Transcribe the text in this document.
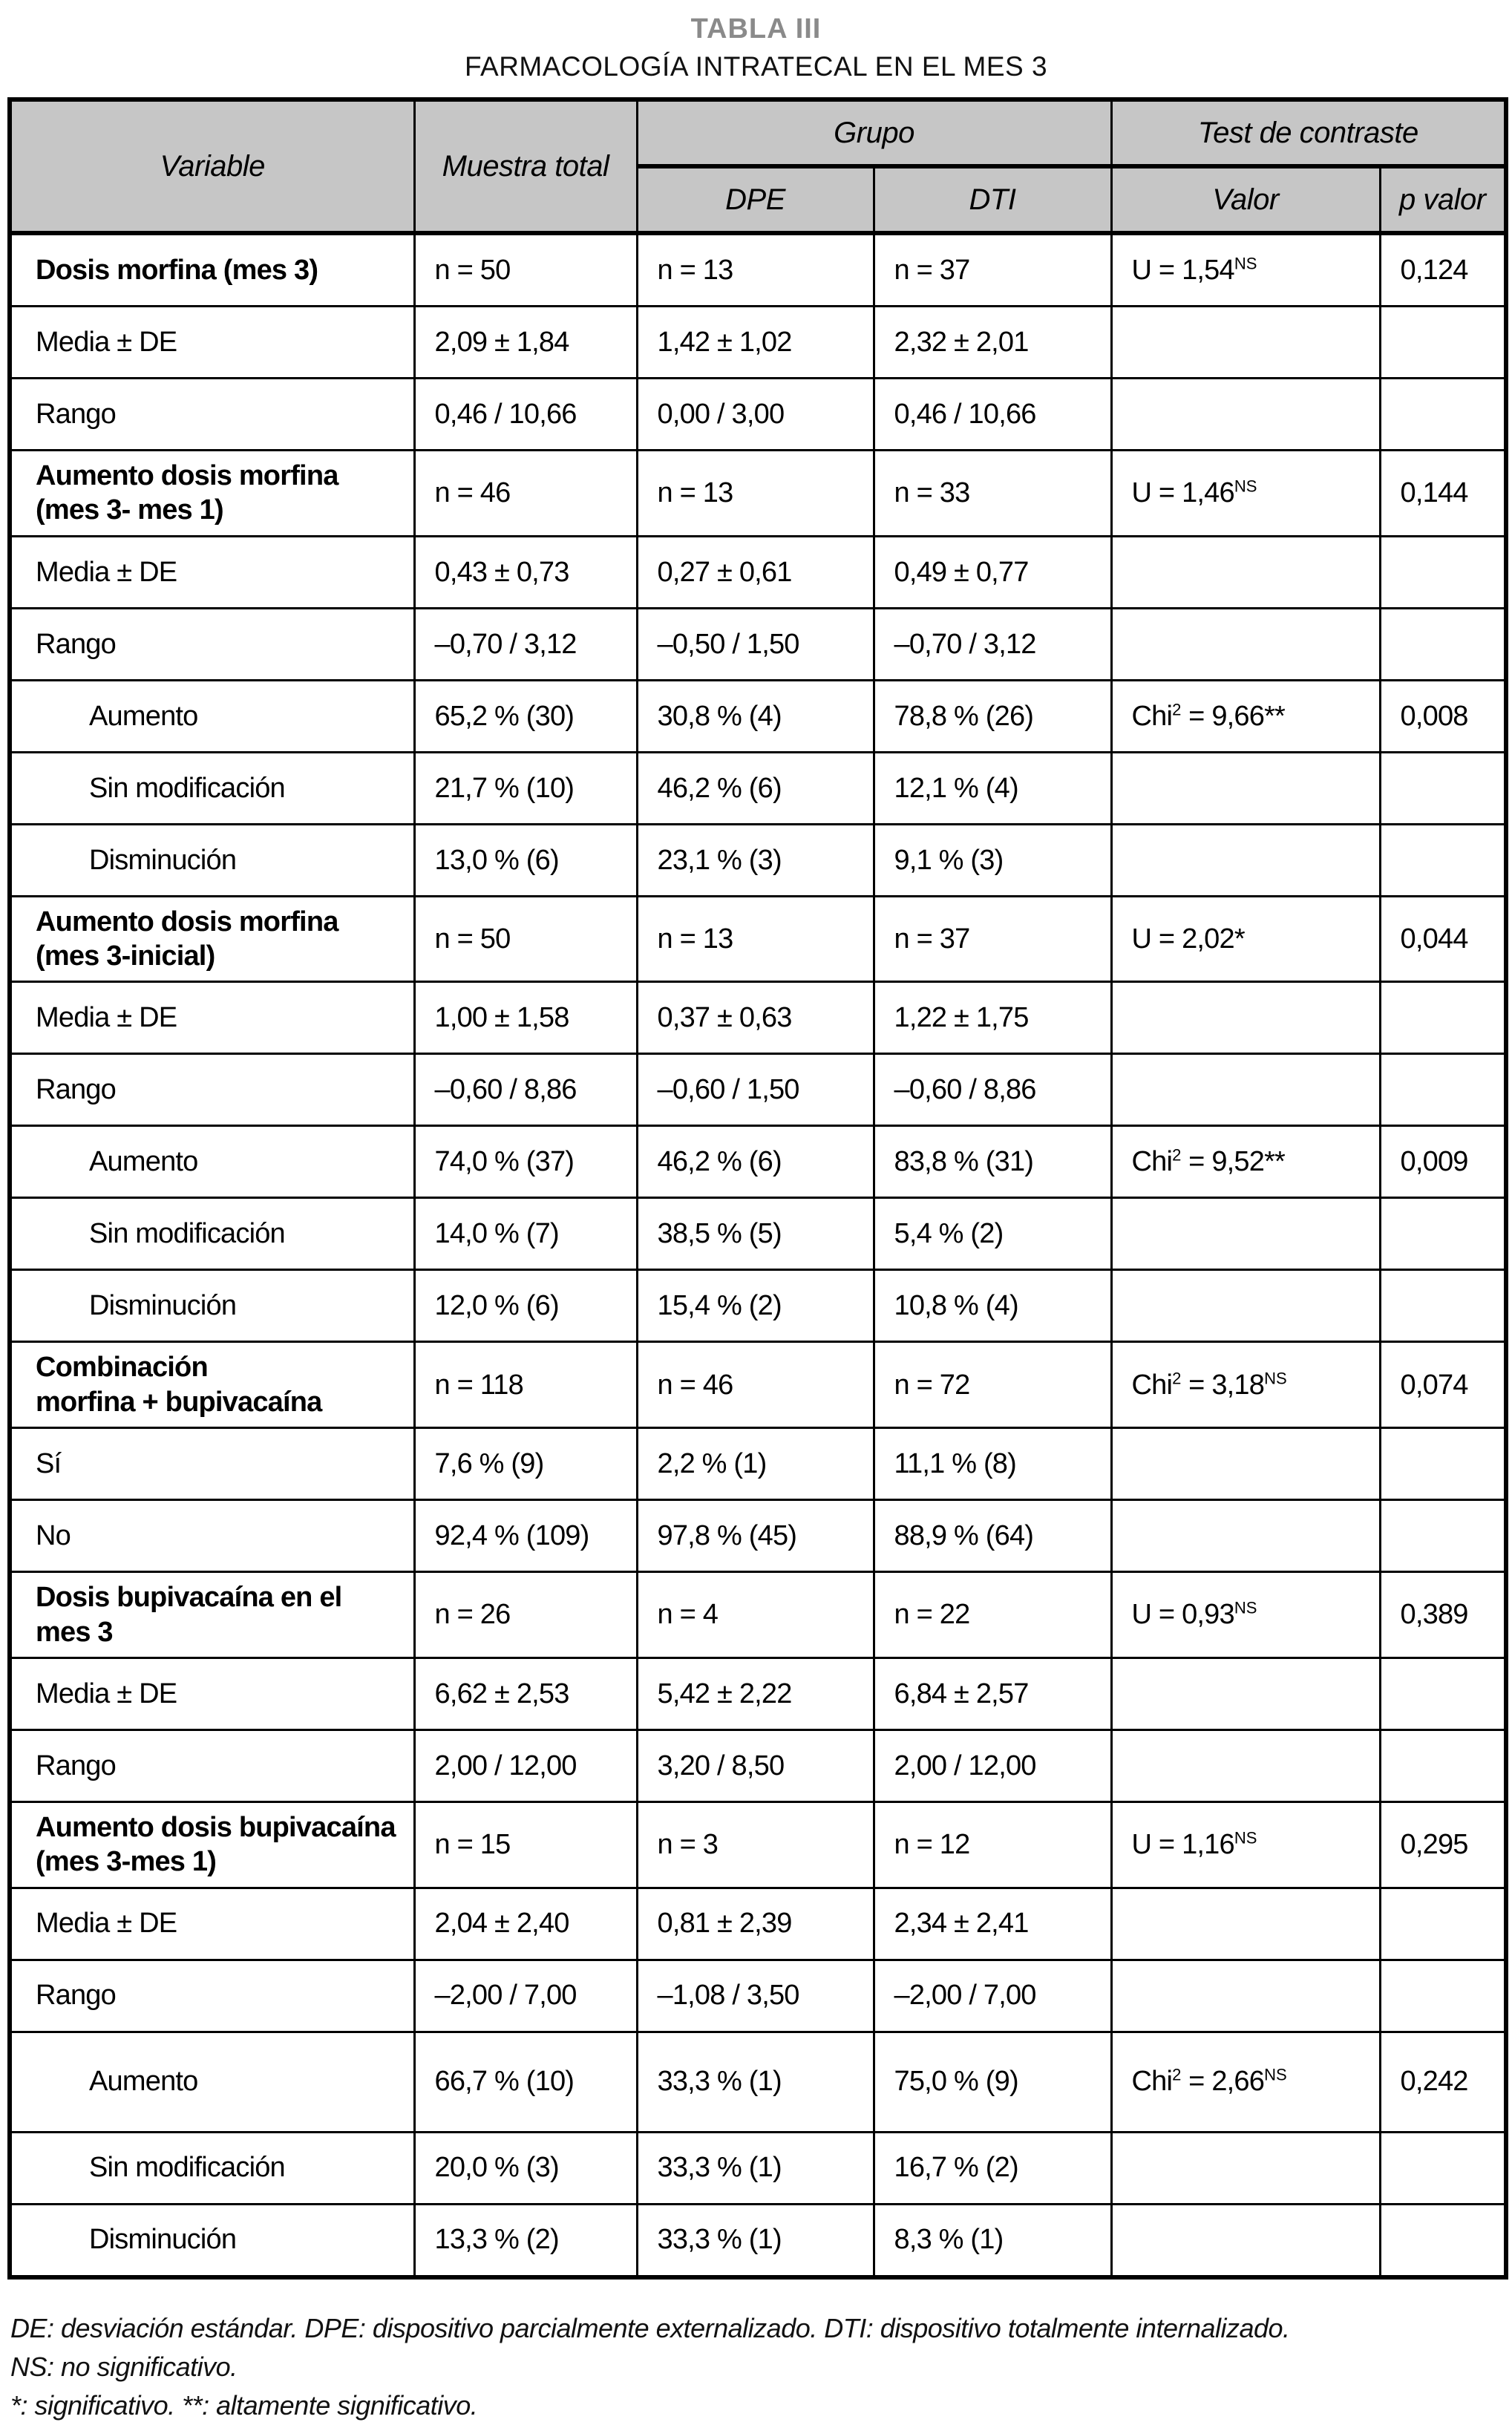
TABLA III
FARMACOLOGÍA INTRATECAL EN EL MES 3
Variable	Muestra total	Grupo		Test de contraste	
		DPE	DTI	Valor	p valor
Dosis morfina (mes 3)	n = 50	n = 13	n = 37	$U = 1,54^{NS}$	0,124
Media ± DE	2,09 ± 1,84	1,42 ± 1,02	2,32 ± 2,01		
Rango	0,46 / 10,66	0,00 / 3,00	0,46 / 10,66		
Aumento dosis morfina
(mes 3- mes 1)	n = 46	n = 13	n = 33	$U = 1,46^{NS}$	0,144
Media ± DE	0,43 ± 0,73	0,27 ± 0,61	0,49 ± 0,77		
Rango	–0,70 / 3,12	–0,50 / 1,50	–0,70 / 3,12		
Aumento	65,2 % (30)	30,8 % (4)	78,8 % (26)	Chi$^2$ = 9,66**	0,008
Sin modificación	21,7 % (10)	46,2 % (6)	12,1 % (4)		
Disminución	13,0 % (6)	23,1 % (3)	9,1 % (3)		
Aumento dosis morfina
(mes 3-inicial)	n = 50	n = 13	n = 37	U = 2,02*	0,044
Media ± DE	1,00 ± 1,58	0,37 ± 0,63	1,22 ± 1,75		
Rango	–0,60 / 8,86	–0,60 / 1,50	–0,60 / 8,86		
Aumento	74,0 % (37)	46,2 % (6)	83,8 % (31)	Chi$^2$ = 9,52**	0,009
Sin modificación	14,0 % (7)	38,5 % (5)	5,4 % (2)		
Disminución	12,0 % (6)	15,4 % (2)	10,8 % (4)		
Combinación
morfina + bupivacaína	n = 118	n = 46	n = 72	$Chi^2 = 3,18^{NS}$	0,074
Sí	7,6 % (9)	2,2 % (1)	11,1 % (8)		
No	92,4 % (109)	97,8 % (45)	88,9 % (64)		
Dosis bupivacaína en el
mes 3	n = 26	n = 4	n = 22	$U = 0,93^{NS}$	0,389
Media ± DE	6,62 ± 2,53	5,42 ± 2,22	6,84 ± 2,57		
Rango	2,00 / 12,00	3,20 / 8,50	2,00 / 12,00		
Aumento dosis bupivacaína
(mes 3-mes 1)	n = 15	n = 3	n = 12	$U = 1,16^{NS}$	0,295
Media ± DE	2,04 ± 2,40	0,81 ± 2,39	2,34 ± 2,41		
Rango	–2,00 / 7,00	–1,08 / 3,50	–2,00 / 7,00		
Aumento	66,7 % (10)	33,3 % (1)	75,0 % (9)	$Chi^2 = 2,66^{NS}$	0,242
Sin modificación	20,0 % (3)	33,3 % (1)	16,7 % (2)		
Disminución	13,3 % (2)	33,3 % (1)	8,3 % (1)		
DE: desviación estándar. DPE: dispositivo parcialmente externalizado. DTI: dispositivo totalmente internalizado.
NS: no significativo.
*: significativo. **: altamente significativo.
